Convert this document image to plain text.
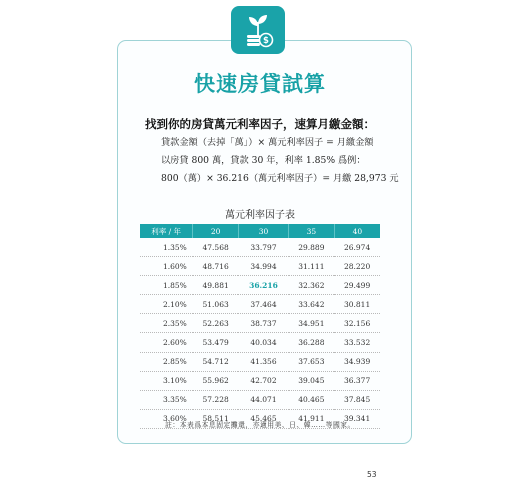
$
快速房貸試算
找到你的房貸萬元利率因子，速算月繳金額：
貸款金額（去掉「萬」）× 萬元利率因子 = 月繳金額
以房貸 800 萬，貸款 30 年，利率 1.85% 爲例：
800（萬）× 36.216（萬元利率因子）= 月繳 28,973 元
萬元利率因子表
利率 / 年	20	30	35	40
1.35%	47.568	33.797	29.889	26.974
1.60%	48.716	34.994	31.111	28.220
1.85%	49.881	36.216	32.362	29.499
2.10%	51.063	37.464	33.642	30.811
2.35%	52.263	38.737	34.951	32.156
2.60%	53.479	40.034	36.288	33.532
2.85%	54.712	41.356	37.653	34.939
3.10%	55.962	42.702	39.045	36.377
3.35%	57.228	44.071	40.465	37.845
3.60%	58.511	45.465	41.911	39.341
註：本表爲本息固定攤還，亦適用美、日、韓……等國家。
53
